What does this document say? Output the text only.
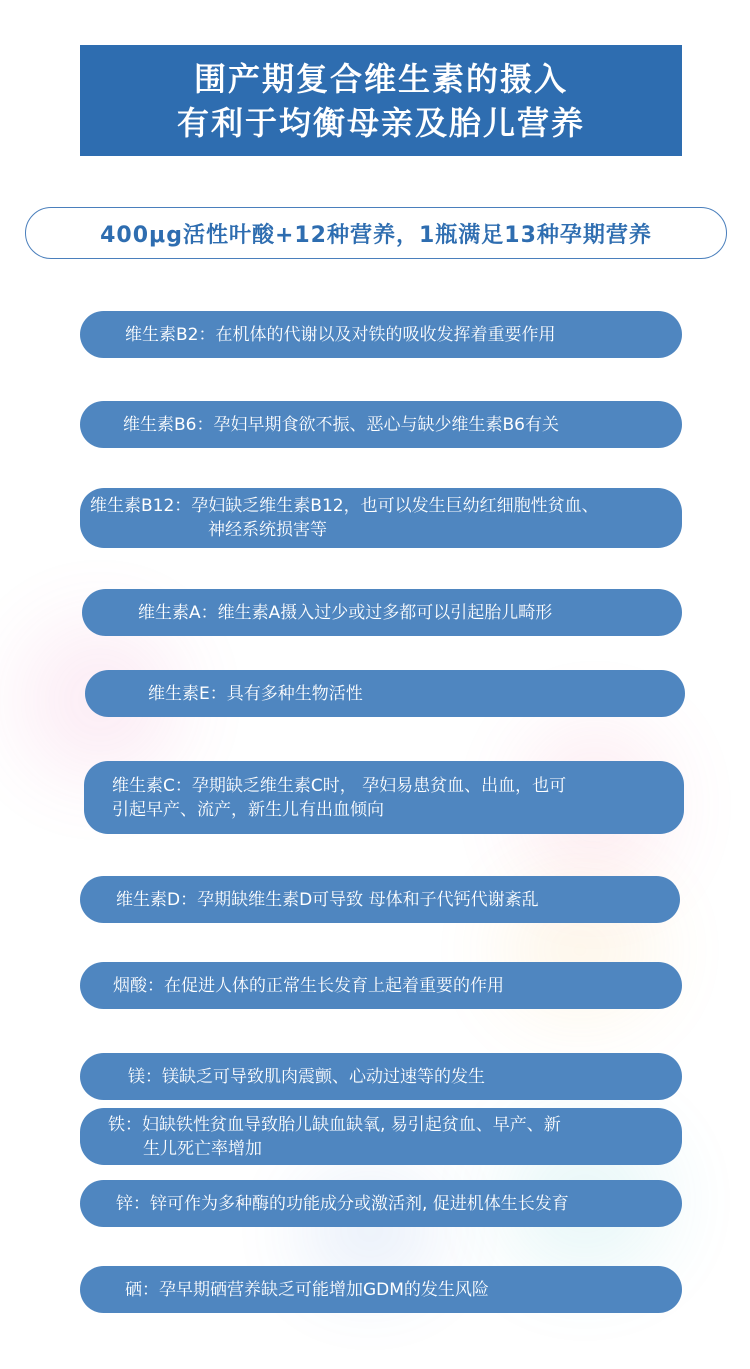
围产期复合维生素的摄入
有利于均衡母亲及胎儿营养
400μg活性叶酸+12种营养，1瓶满足13种孕期营养
维生素B2：在机体的代谢以及对铁的吸收发挥着重要作用
维生素B6：孕妇早期食欲不振、恶心与缺少维生素B6有关
维生素B12：孕妇缺乏维生素B12，也可以发生巨幼红细胞性贫血、
神经系统损害等
维生素A：维生素A摄入过少或过多都可以引起胎儿畸形
维生素E：具有多种生物活性
维生素C：孕期缺乏维生素C时， 孕妇易患贫血、出血，也可
引起早产、流产，新生儿有出血倾向
维生素D：孕期缺维生素D可导致 母体和子代钙代谢紊乱
烟酸：在促进人体的正常生长发育上起着重要的作用
镁：镁缺乏可导致肌肉震颤、心动过速等的发生
铁：妇缺铁性贫血导致胎儿缺血缺氧, 易引起贫血、早产、新
生儿死亡率增加
锌：锌可作为多种酶的功能成分或激活剂, 促进机体生长发育
硒：孕早期硒营养缺乏可能增加GDM的发生风险
